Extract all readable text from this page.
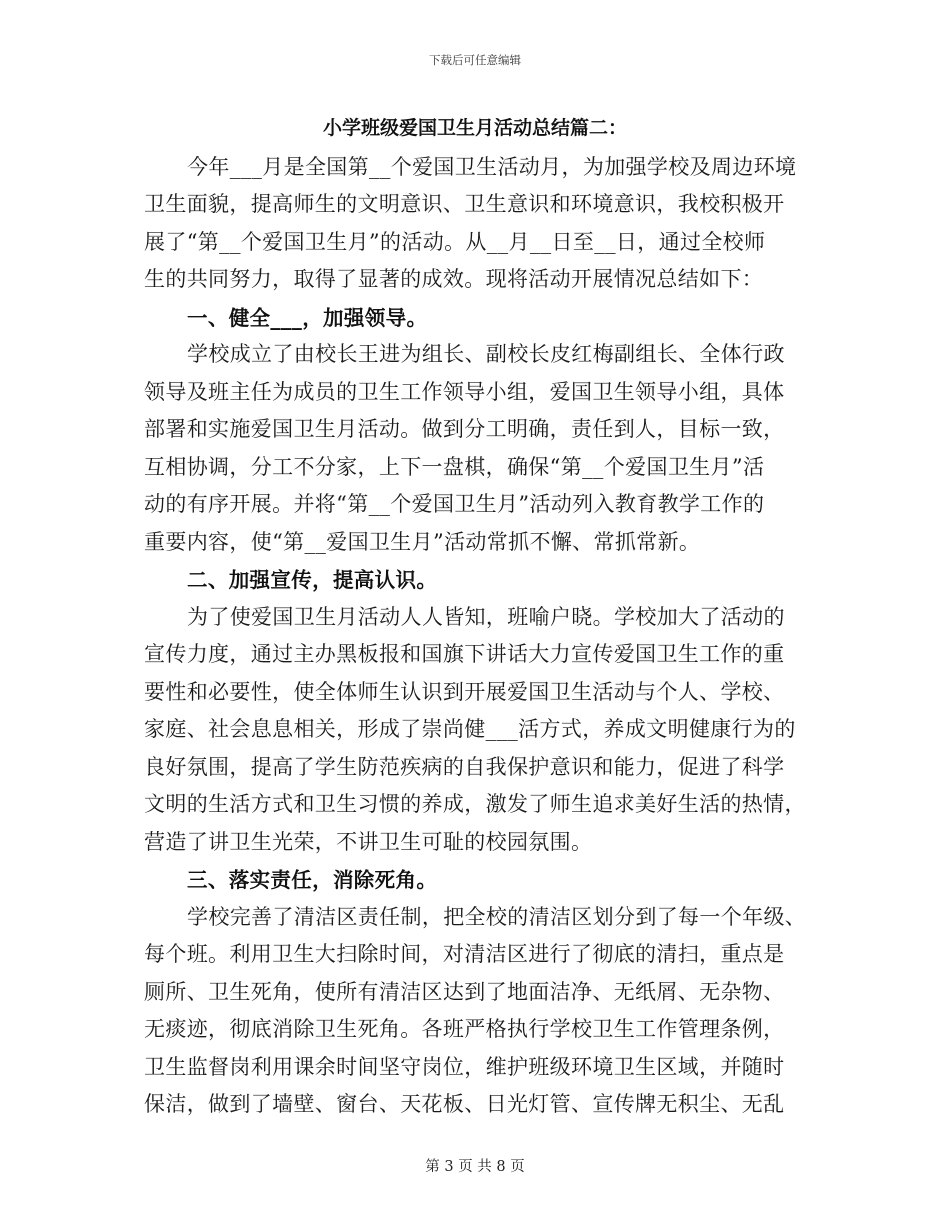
下载后可任意编辑
小学班级爱国卫生月活动总结篇二：
今年___月是全国第__个爱国卫生活动月，为加强学校及周边环境
卫生面貌，提高师生的文明意识、卫生意识和环境意识，我校积极开
展了“第__个爱国卫生月”的活动。从__月__日至__日，通过全校师
生的共同努力，取得了显著的成效。现将活动开展情况总结如下：
一、健全___，加强领导。
学校成立了由校长王进为组长、副校长皮红梅副组长、全体行政
领导及班主任为成员的卫生工作领导小组，爱国卫生领导小组，具体
部署和实施爱国卫生月活动。做到分工明确，责任到人，目标一致，
互相协调，分工不分家，上下一盘棋，确保“第__个爱国卫生月”活
动的有序开展。并将“第__个爱国卫生月”活动列入教育教学工作的
重要内容，使“第__爱国卫生月”活动常抓不懈、常抓常新。
二、加强宣传，提高认识。
为了使爱国卫生月活动人人皆知，班喻户晓。学校加大了活动的
宣传力度，通过主办黑板报和国旗下讲话大力宣传爱国卫生工作的重
要性和必要性，使全体师生认识到开展爱国卫生活动与个人、学校、
家庭、社会息息相关，形成了崇尚健___活方式，养成文明健康行为的
良好氛围，提高了学生防范疾病的自我保护意识和能力，促进了科学
文明的生活方式和卫生习惯的养成，激发了师生追求美好生活的热情，
营造了讲卫生光荣，不讲卫生可耻的校园氛围。
三、落实责任，消除死角。
学校完善了清洁区责任制，把全校的清洁区划分到了每一个年级、
每个班。利用卫生大扫除时间，对清洁区进行了彻底的清扫，重点是
厕所、卫生死角，使所有清洁区达到了地面洁净、无纸屑、无杂物、
无痰迹，彻底消除卫生死角。各班严格执行学校卫生工作管理条例，
卫生监督岗利用课余时间坚守岗位，维护班级环境卫生区域，并随时
保洁，做到了墙壁、窗台、天花板、日光灯管、宣传牌无积尘、无乱
第 3 页 共 8 页
